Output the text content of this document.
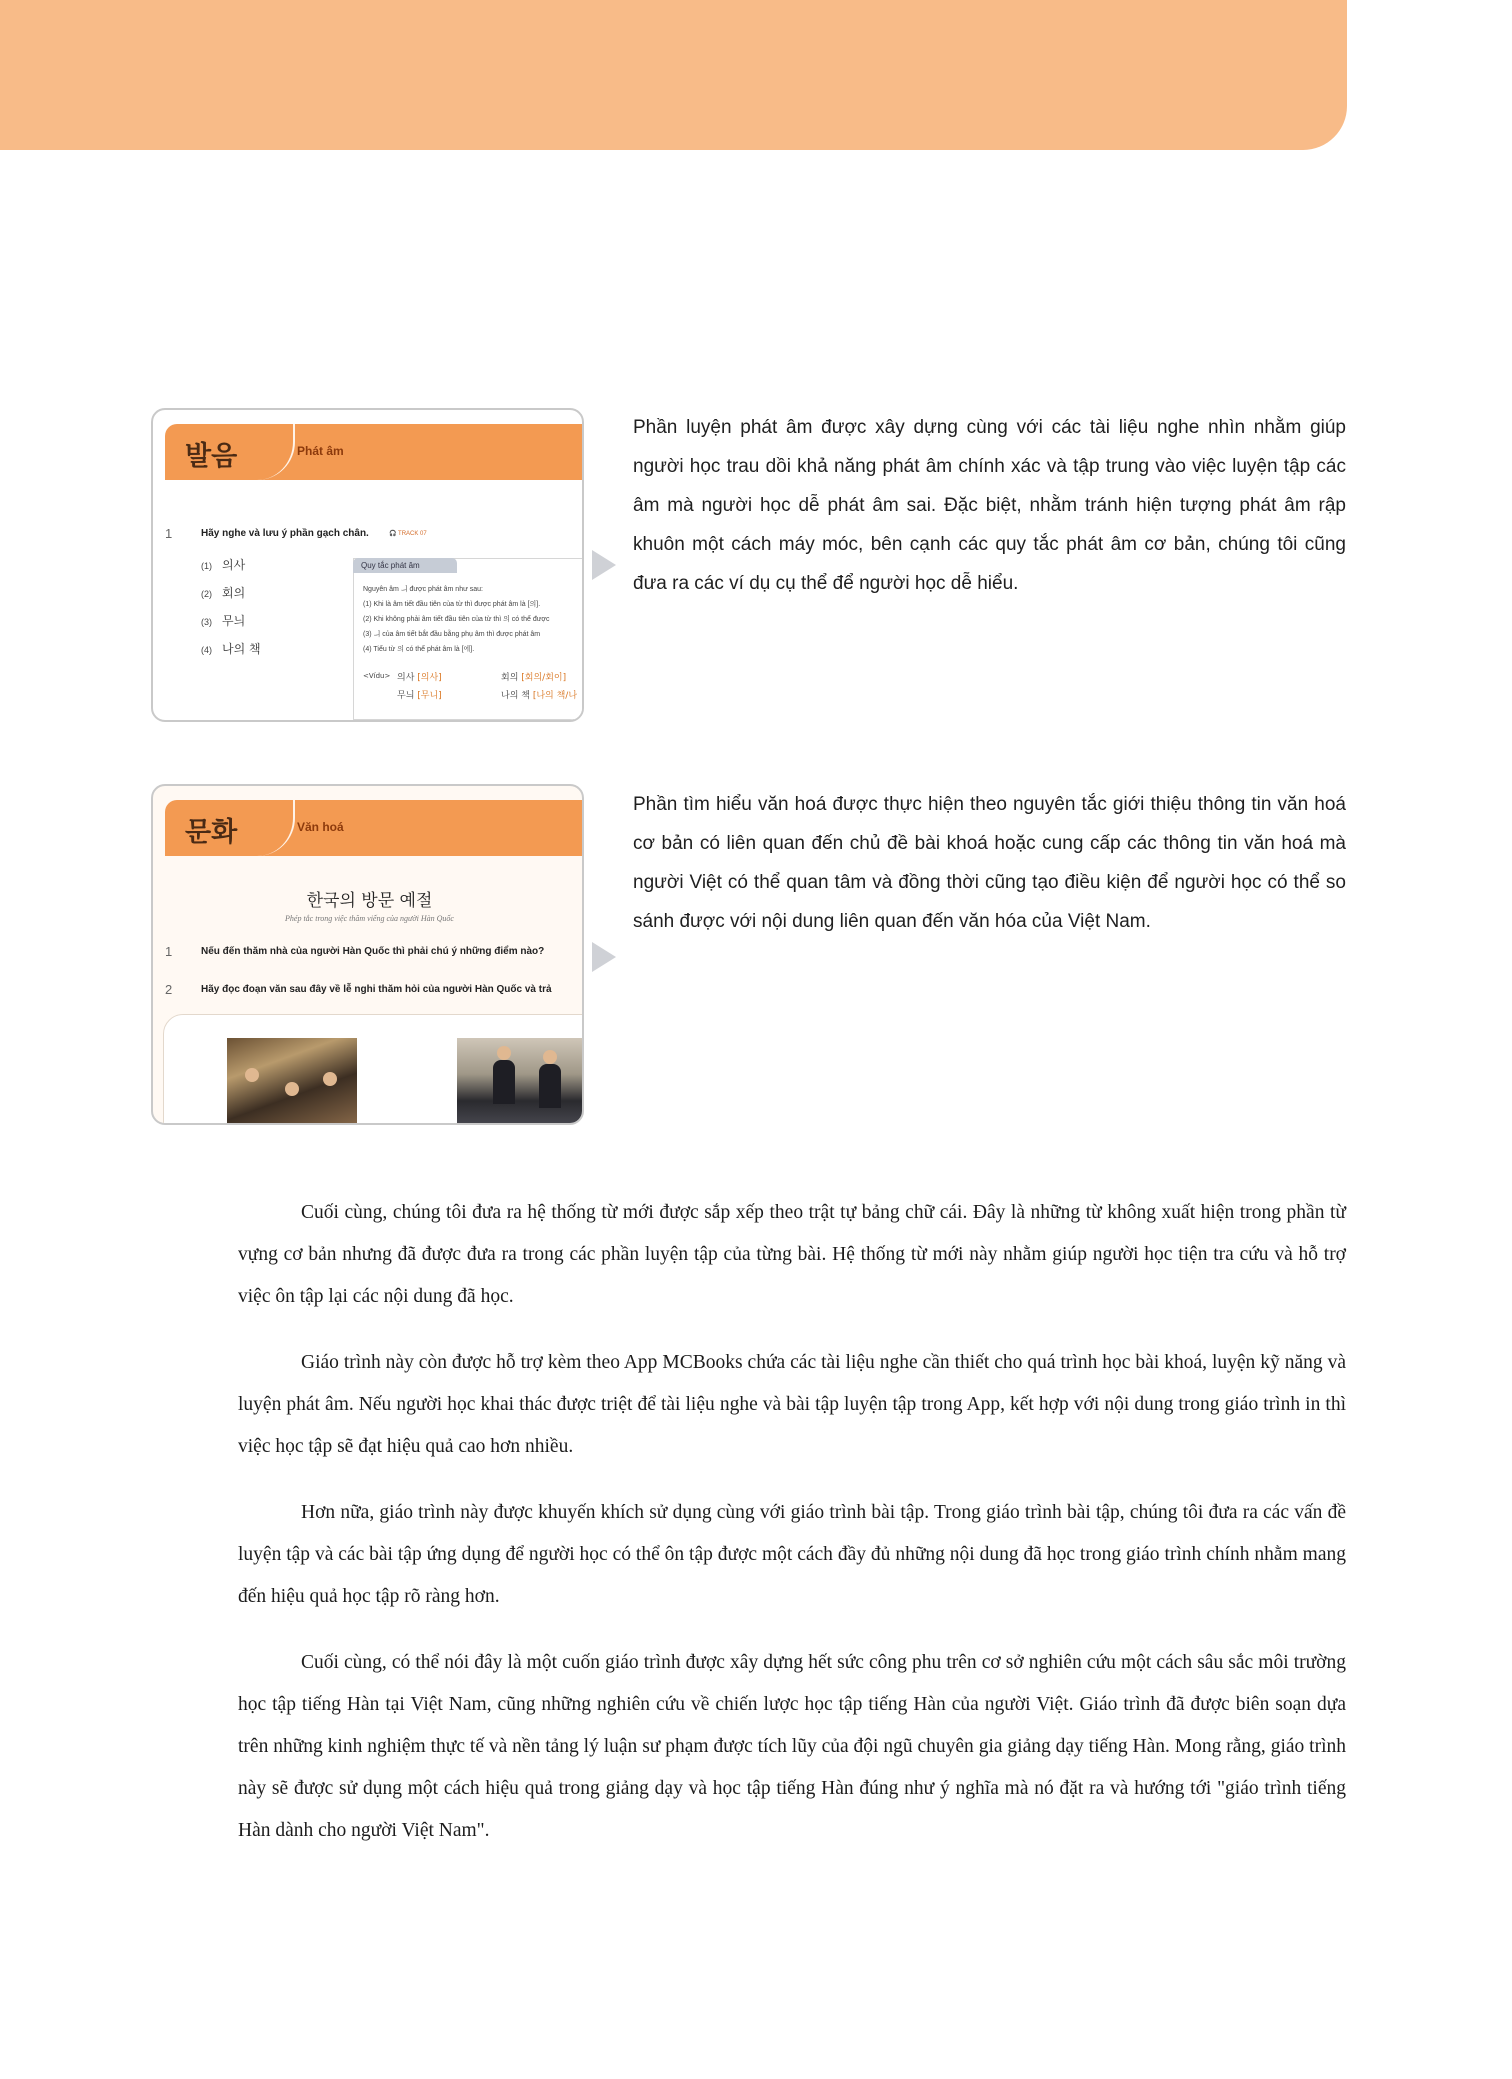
발음	Phát âm
1	Hãy nghe và lưu ý phần gạch chân.	🎧 TRACK 07
(1) 의사
(2) 회의
(3) 무늬
(4) 나의 책
Quy tắc phát âm
Nguyên âm ㅢ được phát âm như sau:
(1) Khi là âm tiết đầu tiên của từ thì được phát âm là [의].
(2) Khi không phải âm tiết đầu tiên của từ thì 의 có thể được
(3) ㅢ của âm tiết bắt đầu bằng phụ âm thì được phát âm
(4) Tiểu từ 의 có thể phát âm là [에].
<Vídu> 의사 [의사]	회의 [회의/회이]
무늬 [무니]	나의 책 [나의 책/나
Phần luyện phát âm được xây dựng cùng với các tài liệu nghe nhìn nhằm giúp người học trau dồi khả năng phát âm chính xác và tập trung vào việc luyện tập các âm mà người học dễ phát âm sai. Đặc biệt, nhằm tránh hiện tượng phát âm rập khuôn một cách máy móc, bên cạnh các quy tắc phát âm cơ bản, chúng tôi cũng đưa ra các ví dụ cụ thể để người học dễ hiểu.
문화	Văn hoá
한국의 방문 예절
Phép tắc trong việc thăm viếng của người Hàn Quốc
1	Nếu đến thăm nhà của người Hàn Quốc thì phải chú ý những điểm nào?
2	Hãy đọc đoạn văn sau đây về lễ nghi thăm hỏi của người Hàn Quốc và trả
Phần tìm hiểu văn hoá được thực hiện theo nguyên tắc giới thiệu thông tin văn hoá cơ bản có liên quan đến chủ đề bài khoá hoặc cung cấp các thông tin văn hoá mà người Việt có thể quan tâm và đồng thời cũng tạo điều kiện để người học có thể so sánh được với nội dung liên quan đến văn hóa của Việt Nam.
Cuối cùng, chúng tôi đưa ra hệ thống từ mới được sắp xếp theo trật tự bảng chữ cái. Đây là những từ không xuất hiện trong phần từ vựng cơ bản nhưng đã được đưa ra trong các phần luyện tập của từng bài. Hệ thống từ mới này nhằm giúp người học tiện tra cứu và hỗ trợ việc ôn tập lại các nội dung đã học.
Giáo trình này còn được hỗ trợ kèm theo App MCBooks chứa các tài liệu nghe cần thiết cho quá trình học bài khoá, luyện kỹ năng và luyện phát âm. Nếu người học khai thác được triệt để tài liệu nghe và bài tập luyện tập trong App, kết hợp với nội dung trong giáo trình in thì việc học tập sẽ đạt hiệu quả cao hơn nhiều.
Hơn nữa, giáo trình này được khuyến khích sử dụng cùng với giáo trình bài tập. Trong giáo trình bài tập, chúng tôi đưa ra các vấn đề luyện tập và các bài tập ứng dụng để người học có thể ôn tập được một cách đầy đủ những nội dung đã học trong giáo trình chính nhằm mang đến hiệu quả học tập rõ ràng hơn.
Cuối cùng, có thể nói đây là một cuốn giáo trình được xây dựng hết sức công phu trên cơ sở nghiên cứu một cách sâu sắc môi trường học tập tiếng Hàn tại Việt Nam, cũng những nghiên cứu về chiến lược học tập tiếng Hàn của người Việt. Giáo trình đã được biên soạn dựa trên những kinh nghiệm thực tế và nền tảng lý luận sư phạm được tích lũy của đội ngũ chuyên gia giảng dạy tiếng Hàn. Mong rằng, giáo trình này sẽ được sử dụng một cách hiệu quả trong giảng dạy và học tập tiếng Hàn đúng như ý nghĩa mà nó đặt ra và hướng tới "giáo trình tiếng Hàn dành cho người Việt Nam".
